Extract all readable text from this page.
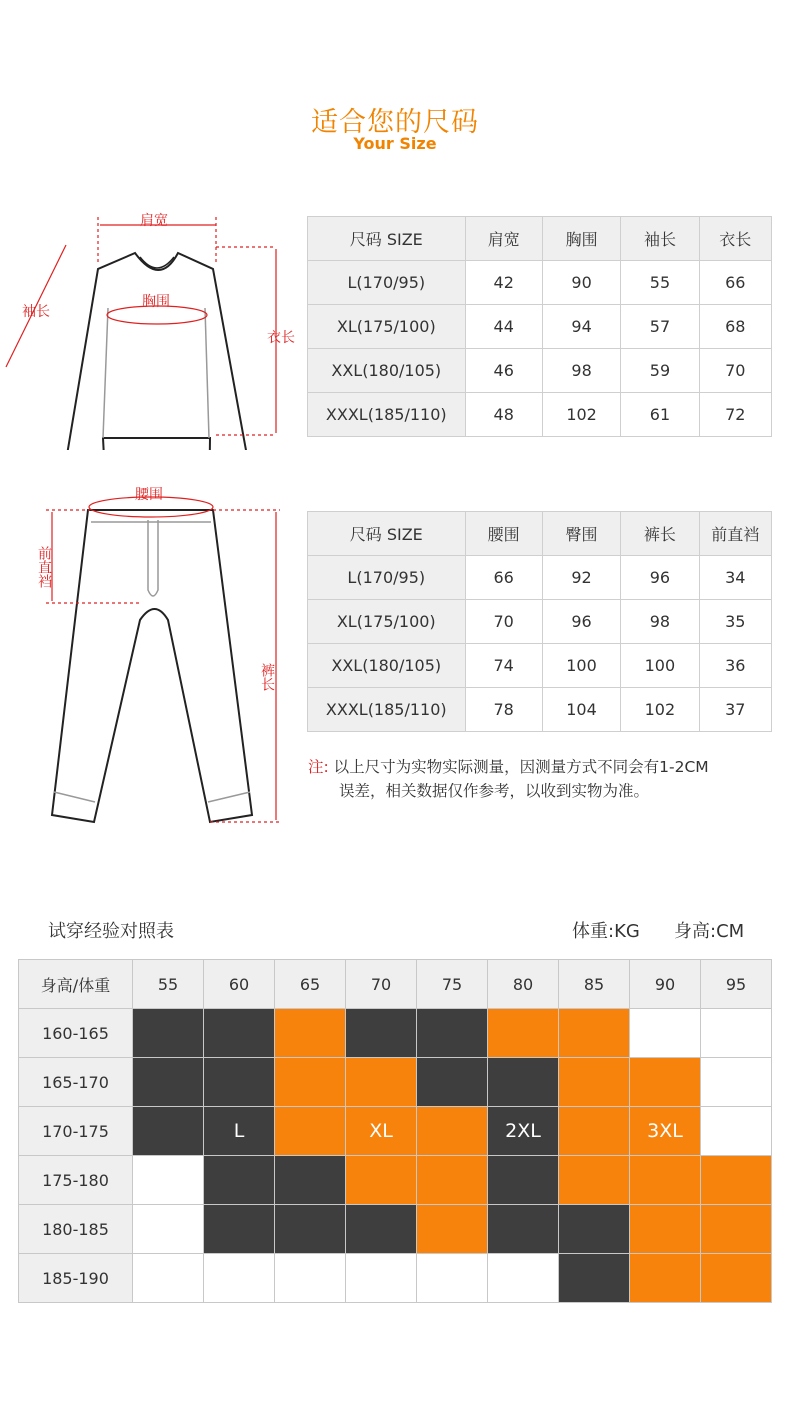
适合您的尺码
Your Size
肩宽
胸围
袖长
衣长
腰围
前直裆
裤长
尺码 SIZE	肩宽	胸围	袖长	衣长
L(170/95)	42	90	55	66
XL(175/100)	44	94	57	68
XXL(180/105)	46	98	59	70
XXXL(185/110)	48	102	61	72
尺码 SIZE	腰围	臀围	裤长	前直裆
L(170/95)	66	92	96	34
XL(175/100)	70	96	98	35
XXL(180/105)	74	100	100	36
XXXL(185/110)	78	104	102	37
注: 以上尺寸为实物实际测量，因测量方式不同会有1-2CM
误差，相关数据仅作参考，以收到实物为准。
试穿经验对照表	体重:KG 身高:CM
身高/体重	55	60	65	70	75	80	85	90	95
160-165									
165-170									
170-175		L		XL		2XL		3XL	
175-180									
180-185									
185-190									
